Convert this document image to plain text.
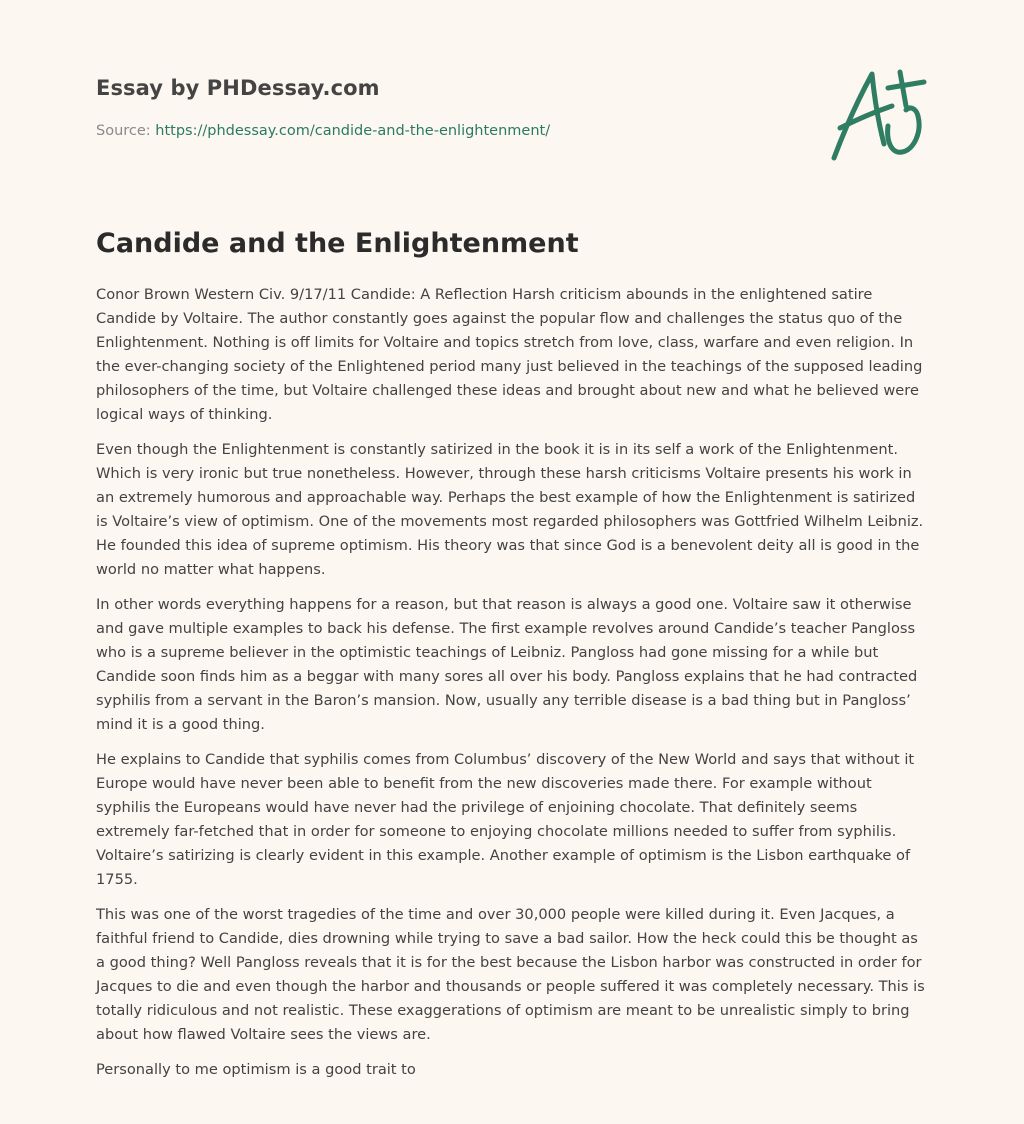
Essay by PHDessay.com
Source: https://phdessay.com/candide-and-the-enlightenment/
Candide and the Enlightenment

Conor Brown Western Civ. 9/17/11 Candide: A Reflection Harsh criticism abounds in the enlightened satire Candide by Voltaire. The author constantly goes against the popular flow and challenges the status quo of the Enlightenment. Nothing is off limits for Voltaire and topics stretch from love, class, warfare and even religion. In the ever-changing society of the Enlightened period many just believed in the teachings of the supposed leading philosophers of the time, but Voltaire challenged these ideas and brought about new and what he believed were logical ways of thinking.

Even though the Enlightenment is constantly satirized in the book it is in its self a work of the Enlightenment. Which is very ironic but true nonetheless. However, through these harsh criticisms Voltaire presents his work in an extremely humorous and approachable way. Perhaps the best example of how the Enlightenment is satirized is Voltaire’s view of optimism. One of the movements most regarded philosophers was Gottfried Wilhelm Leibniz. He founded this idea of supreme optimism. His theory was that since God is a benevolent deity all is good in the world no matter what happens.

In other words everything happens for a reason, but that reason is always a good one. Voltaire saw it otherwise and gave multiple examples to back his defense. The first example revolves around Candide’s teacher Pangloss who is a supreme believer in the optimistic teachings of Leibniz. Pangloss had gone missing for a while but Candide soon finds him as a beggar with many sores all over his body. Pangloss explains that he had contracted syphilis from a servant in the Baron’s mansion. Now, usually any terrible disease is a bad thing but in Pangloss’ mind it is a good thing.

He explains to Candide that syphilis comes from Columbus’ discovery of the New World and says that without it Europe would have never been able to benefit from the new discoveries made there. For example without syphilis the Europeans would have never had the privilege of enjoining chocolate. That definitely seems extremely far-fetched that in order for someone to enjoying chocolate millions needed to suffer from syphilis. Voltaire’s satirizing is clearly evident in this example. Another example of optimism is the Lisbon earthquake of 1755.

This was one of the worst tragedies of the time and over 30,000 people were killed during it. Even Jacques, a faithful friend to Candide, dies drowning while trying to save a bad sailor. How the heck could this be thought as a good thing? Well Pangloss reveals that it is for the best because the Lisbon harbor was constructed in order for Jacques to die and even though the harbor and thousands or people suffered it was completely necessary. This is totally ridiculous and not realistic. These exaggerations of optimism are meant to be unrealistic simply to bring about how flawed Voltaire sees the views are.

Personally to me optimism is a good trait to
